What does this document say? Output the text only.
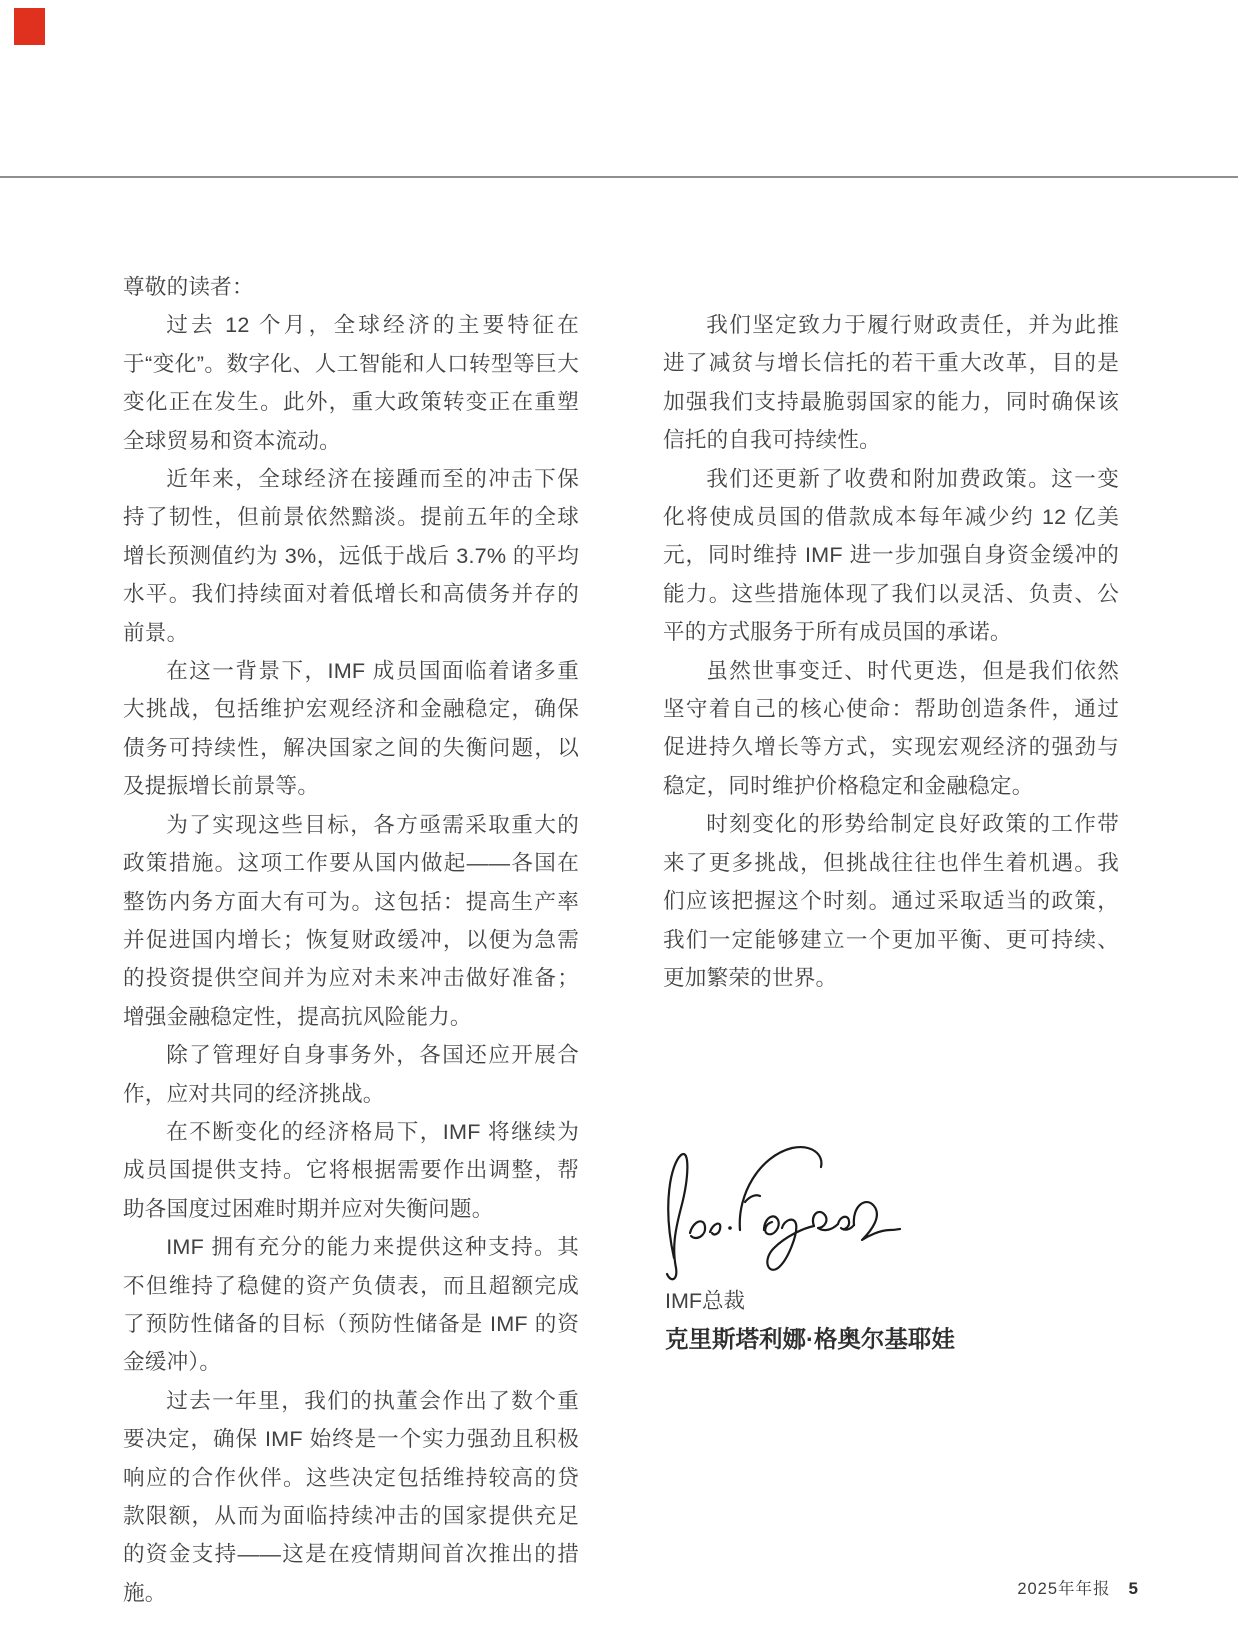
尊敬的读者：

过去 12 个月，全球经济的主要特征在于“变化”。数字化、人工智能和人口转型等巨大变化正在发生。此外，重大政策转变正在重塑全球贸易和资本流动。

近年来，全球经济在接踵而至的冲击下保持了韧性，但前景依然黯淡。提前五年的全球增长预测值约为 3%，远低于战后 3.7% 的平均水平。我们持续面对着低增长和高债务并存的前景。

在这一背景下，IMF 成员国面临着诸多重大挑战，包括维护宏观经济和金融稳定，确保债务可持续性，解决国家之间的失衡问题，以及提振增长前景等。

为了实现这些目标，各方亟需采取重大的政策措施。这项工作要从国内做起——各国在整饬内务方面大有可为。这包括：提高生产率并促进国内增长；恢复财政缓冲，以便为急需的投资提供空间并为应对未来冲击做好准备；增强金融稳定性，提高抗风险能力。

除了管理好自身事务外，各国还应开展合作，应对共同的经济挑战。

在不断变化的经济格局下，IMF 将继续为成员国提供支持。它将根据需要作出调整，帮助各国度过困难时期并应对失衡问题。

IMF 拥有充分的能力来提供这种支持。其不但维持了稳健的资产负债表，而且超额完成了预防性储备的目标（预防性储备是 IMF 的资金缓冲）。

过去一年里，我们的执董会作出了数个重要决定，确保 IMF 始终是一个实力强劲且积极响应的合作伙伴。这些决定包括维持较高的贷款限额，从而为面临持续冲击的国家提供充足的资金支持——这是在疫情期间首次推出的措施。

我们坚定致力于履行财政责任，并为此推进了减贫与增长信托的若干重大改革，目的是加强我们支持最脆弱国家的能力，同时确保该信托的自我可持续性。

我们还更新了收费和附加费政策。这一变化将使成员国的借款成本每年减少约 12 亿美元，同时维持 IMF 进一步加强自身资金缓冲的能力。这些措施体现了我们以灵活、负责、公平的方式服务于所有成员国的承诺。

虽然世事变迁、时代更迭，但是我们依然坚守着自己的核心使命：帮助创造条件，通过促进持久增长等方式，实现宏观经济的强劲与稳定，同时维护价格稳定和金融稳定。

时刻变化的形势给制定良好政策的工作带来了更多挑战，但挑战往往也伴生着机遇。我们应该把握这个时刻。通过采取适当的政策，我们一定能够建立一个更加平衡、更可持续、更加繁荣的世界。

IMF总裁
克里斯塔利娜·格奥尔基耶娃
2025年年报 5
